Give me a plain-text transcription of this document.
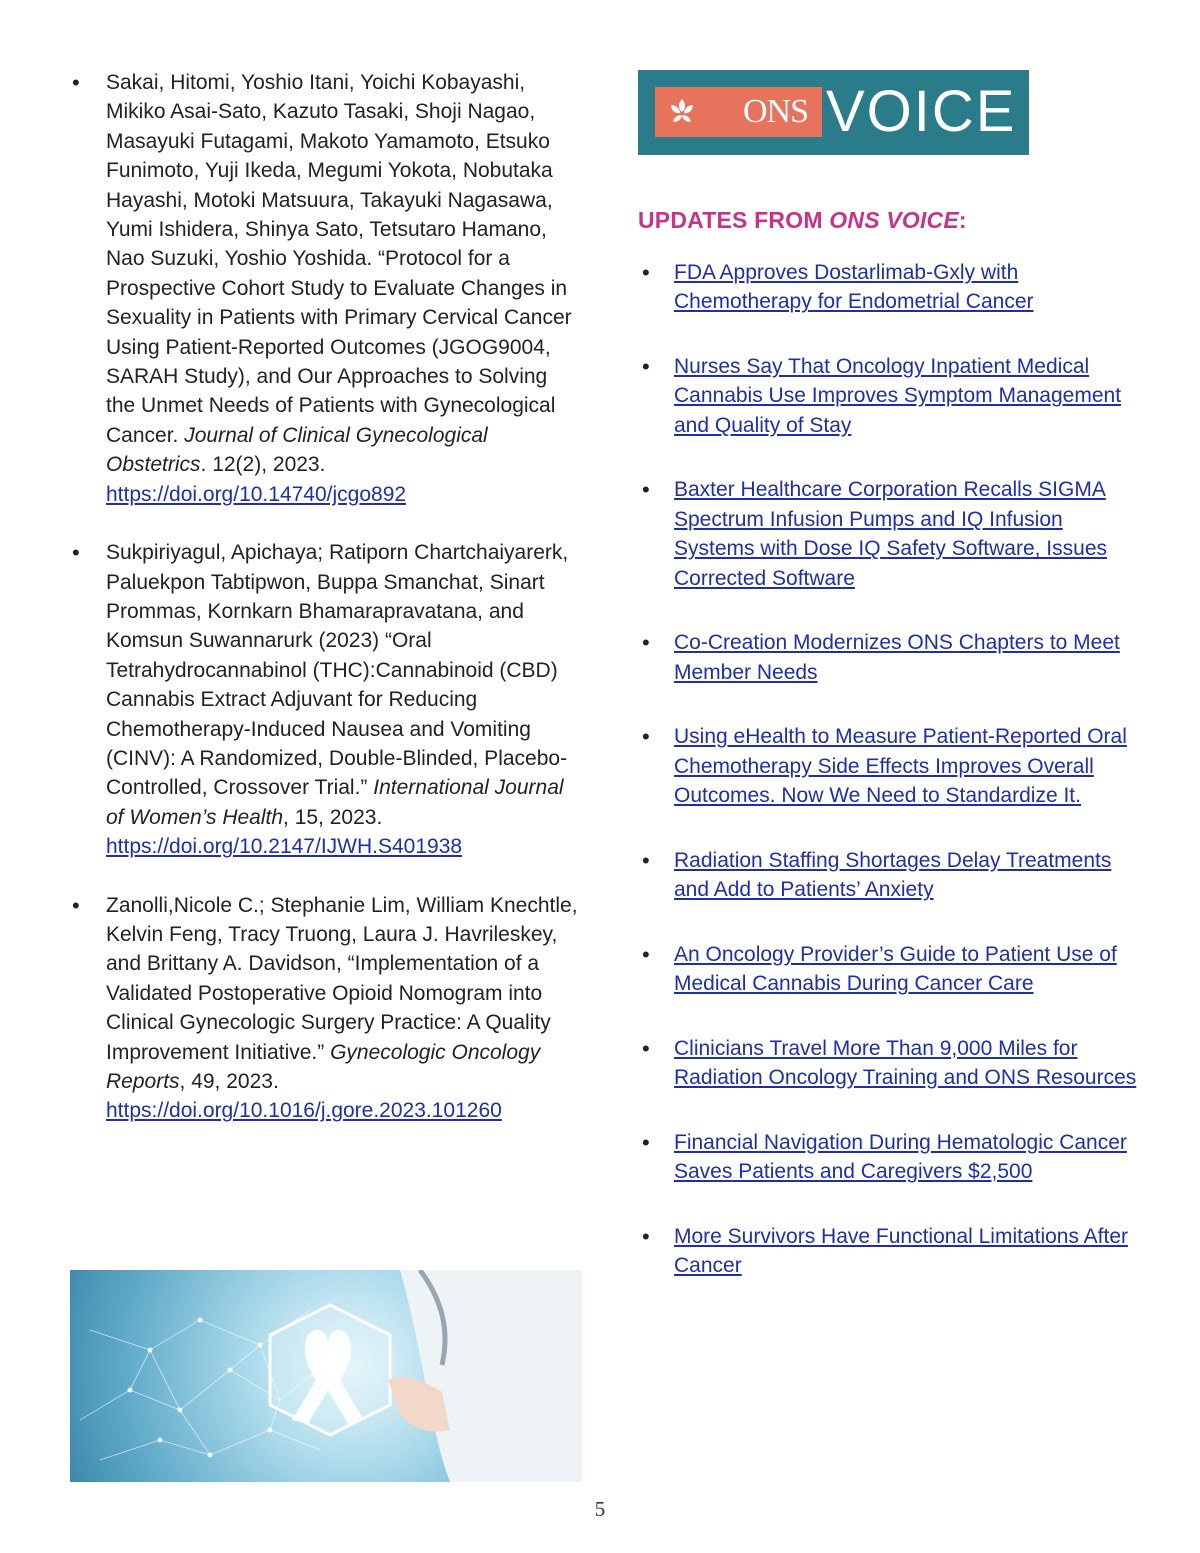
• Sakai, Hitomi, Yoshio Itani, Yoichi Kobayashi, Mikiko Asai-Sato, Kazuto Tasaki, Shoji Nagao, Masayuki Futagami, Makoto Yamamoto, Etsuko Funimoto, Yuji Ikeda, Megumi Yokota, Nobutaka Hayashi, Motoki Matsuura, Takayuki Nagasawa, Yumi Ishidera, Shinya Sato, Tetsutaro Hamano, Nao Suzuki, Yoshio Yoshida. “Protocol for a Prospective Cohort Study to Evaluate Changes in Sexuality in Patients with Primary Cervical Cancer Using Patient-Reported Outcomes (JGOG9004, SARAH Study), and Our Approaches to Solving the Unmet Needs of Patients with Gynecological Cancer. Journal of Clinical Gynecological Obstetrics. 12(2), 2023. https://doi.org/10.14740/jcgo892
• Sukpiriyagul, Apichaya; Ratiporn Chartchaiyarerk, Paluekpon Tabtipwon, Buppa Smanchat, Sinart Prommas, Kornkarn Bhamarapravatana, and Komsun Suwannarurk (2023) “Oral Tetrahydrocannabinol (THC):Cannabinoid (CBD) Cannabis Extract Adjuvant for Reducing Chemotherapy-Induced Nausea and Vomiting (CINV): A Randomized, Double-Blinded, Placebo-Controlled, Crossover Trial.” International Journal of Women’s Health, 15, 2023. https://doi.org/10.2147/IJWH.S401938
• Zanolli,Nicole C.; Stephanie Lim, William Knechtle, Kelvin Feng, Tracy Truong, Laura J. Havrileskey, and Brittany A. Davidson, “Implementation of a Validated Postoperative Opioid Nomogram into Clinical Gynecologic Surgery Practice: A Quality Improvement Initiative.” Gynecologic Oncology Reports, 49, 2023. https://doi.org/10.1016/j.gore.2023.101260
ONS VOICE
UPDATES FROM ONS VOICE:
• FDA Approves Dostarlimab-Gxly with Chemotherapy for Endometrial Cancer
• Nurses Say That Oncology Inpatient Medical Cannabis Use Improves Symptom Management and Quality of Stay
• Baxter Healthcare Corporation Recalls SIGMA Spectrum Infusion Pumps and IQ Infusion Systems with Dose IQ Safety Software, Issues Corrected Software
• Co-Creation Modernizes ONS Chapters to Meet Member Needs
• Using eHealth to Measure Patient-Reported Oral Chemotherapy Side Effects Improves Overall Outcomes. Now We Need to Standardize It.
• Radiation Staffing Shortages Delay Treatments and Add to Patients’ Anxiety
• An Oncology Provider’s Guide to Patient Use of Medical Cannabis During Cancer Care
• Clinicians Travel More Than 9,000 Miles for Radiation Oncology Training and ONS Resources
• Financial Navigation During Hematologic Cancer Saves Patients and Caregivers $2,500
• More Survivors Have Functional Limitations After Cancer
5
